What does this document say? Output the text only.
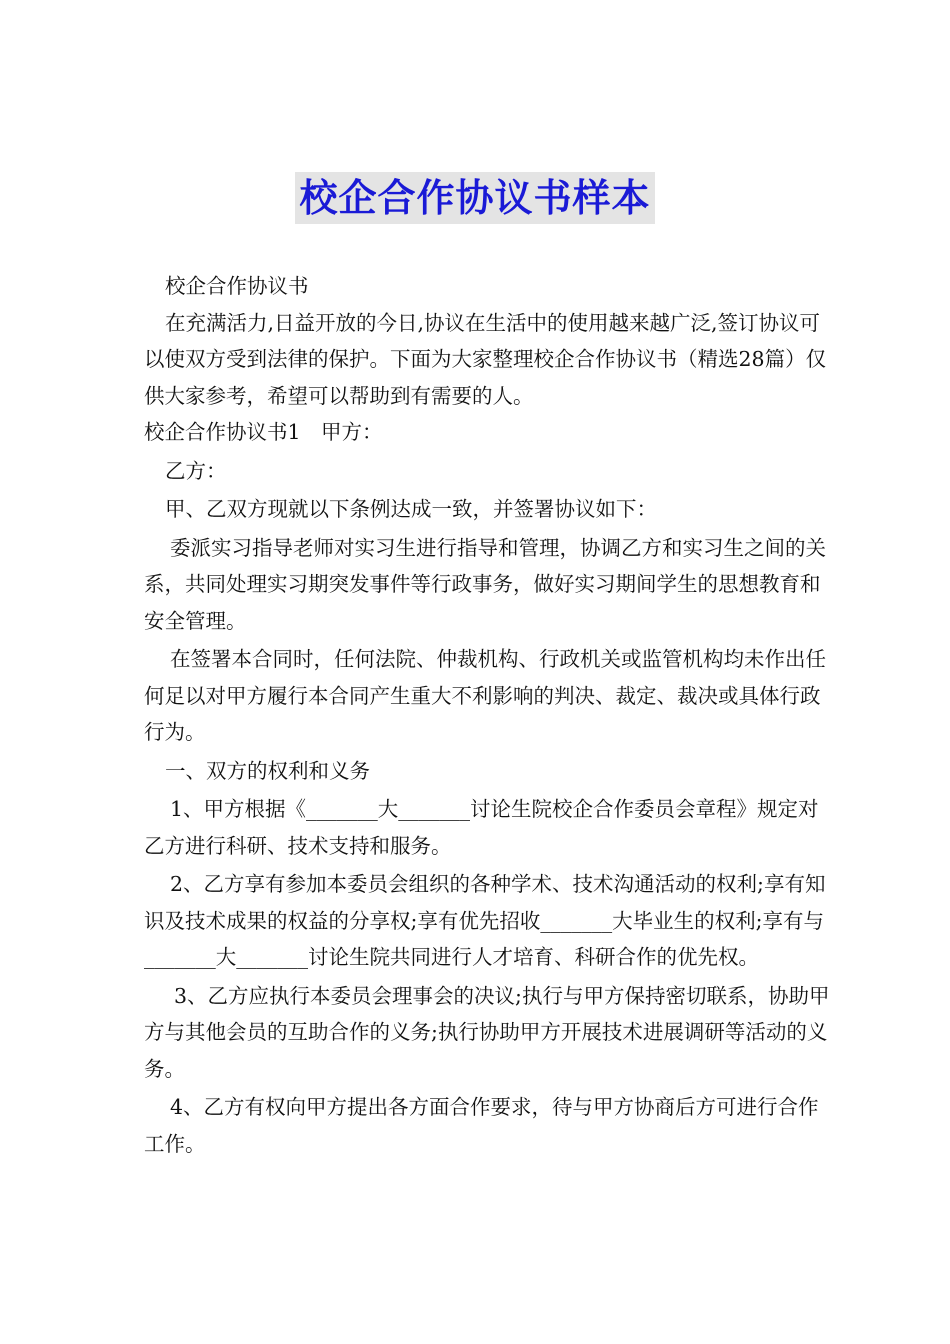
校企合作协议书样本

校企合作协议书

在充满活力,日益开放的今日,协议在生活中的使用越来越广泛,签订协议可以使双方受到法律的保护。下面为大家整理校企合作协议书（精选28篇）仅供大家参考，希望可以帮助到有需要的人。

校企合作协议书1　甲方：

乙方：

甲、乙双方现就以下条例达成一致，并签署协议如下：

委派实习指导老师对实习生进行指导和管理，协调乙方和实习生之间的关系，共同处理实习期突发事件等行政事务，做好实习期间学生的思想教育和安全管理。

在签署本合同时，任何法院、仲裁机构、行政机关或监管机构均未作出任何足以对甲方履行本合同产生重大不利影响的判决、裁定、裁决或具体行政行为。

一、双方的权利和义务

1、甲方根据《_______大_______讨论生院校企合作委员会章程》规定对乙方进行科研、技术支持和服务。

2、乙方享有参加本委员会组织的各种学术、技术沟通活动的权利;享有知识及技术成果的权益的分享权;享有优先招收_______大毕业生的权利;享有与_______大_______讨论生院共同进行人才培育、科研合作的优先权。

3、乙方应执行本委员会理事会的决议;执行与甲方保持密切联系，协助甲方与其他会员的互助合作的义务;执行协助甲方开展技术进展调研等活动的义务。

4、乙方有权向甲方提出各方面合作要求，待与甲方协商后方可进行合作工作。
